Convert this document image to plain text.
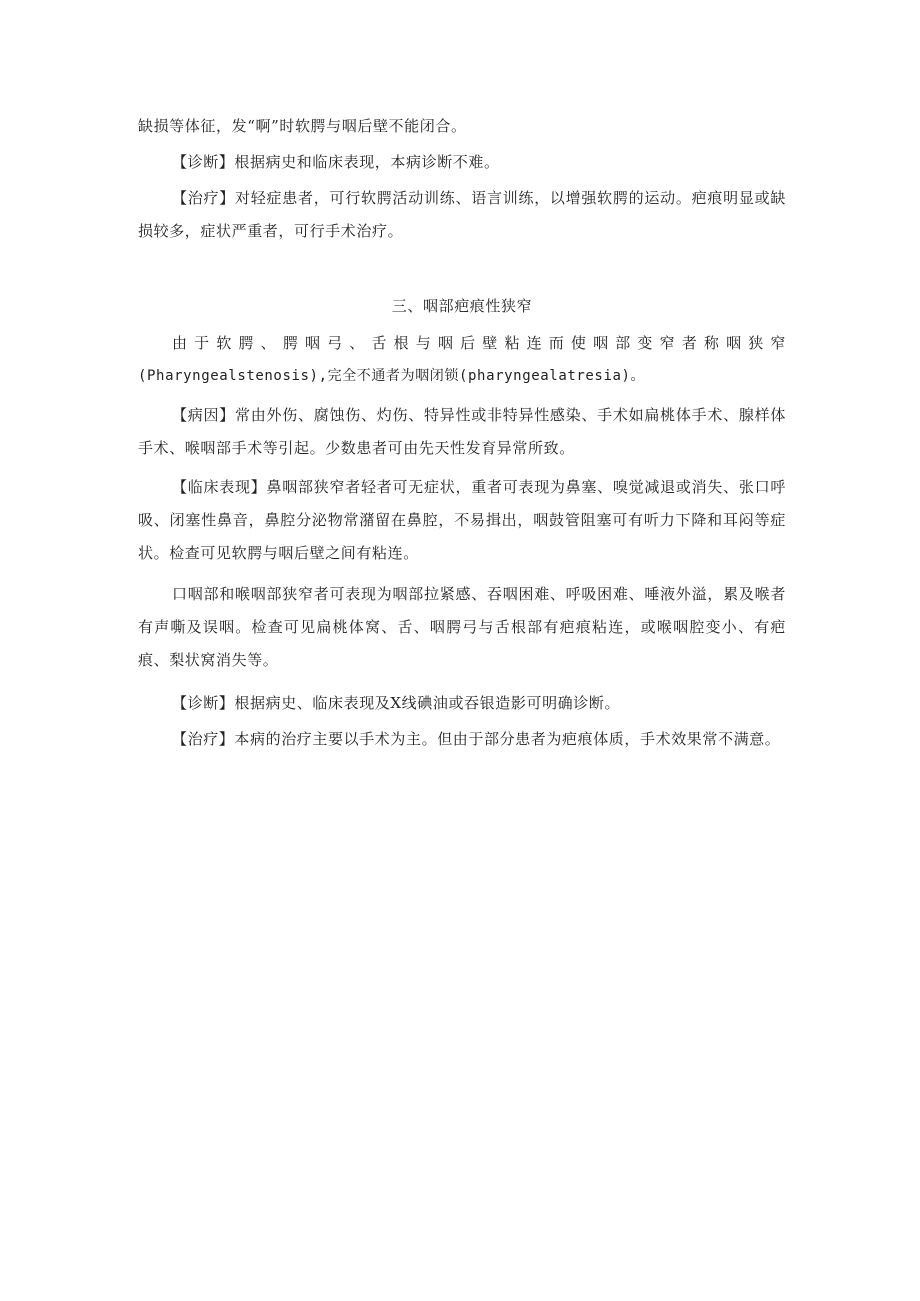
缺损等体征，发“啊”时软腭与咽后壁不能闭合。

【诊断】根据病史和临床表现，本病诊断不难。

【治疗】对轻症患者，可行软腭活动训练、语言训练，以增强软腭的运动。疤痕明显或缺损较多，症状严重者，可行手术治疗。

三、咽部疤痕性狭窄

由于软腭、腭咽弓、舌根与咽后壁粘连而使咽部变窄者称咽狭窄
(Pharyngealstenosis),完全不通者为咽闭锁(pharyngealatresia)。

【病因】常由外伤、腐蚀伤、灼伤、特异性或非特异性感染、手术如扁桃体手术、腺样体手术、喉咽部手术等引起。少数患者可由先天性发育异常所致。

【临床表现】鼻咽部狭窄者轻者可无症状，重者可表现为鼻塞、嗅觉减退或消失、张口呼吸、闭塞性鼻音，鼻腔分泌物常潴留在鼻腔，不易揖出，咽鼓管阻塞可有听力下降和耳闷等症状。检查可见软腭与咽后壁之间有粘连。

口咽部和喉咽部狭窄者可表现为咽部拉紧感、吞咽困难、呼吸困难、唾液外溢，累及喉者有声嘶及误咽。检查可见扁桃体窝、舌、咽腭弓与舌根部有疤痕粘连，或喉咽腔变小、有疤痕、梨状窝消失等。

【诊断】根据病史、临床表现及X线碘油或吞银造影可明确诊断。

【治疗】本病的治疗主要以手术为主。但由于部分患者为疤痕体质，手术效果常不满意。
